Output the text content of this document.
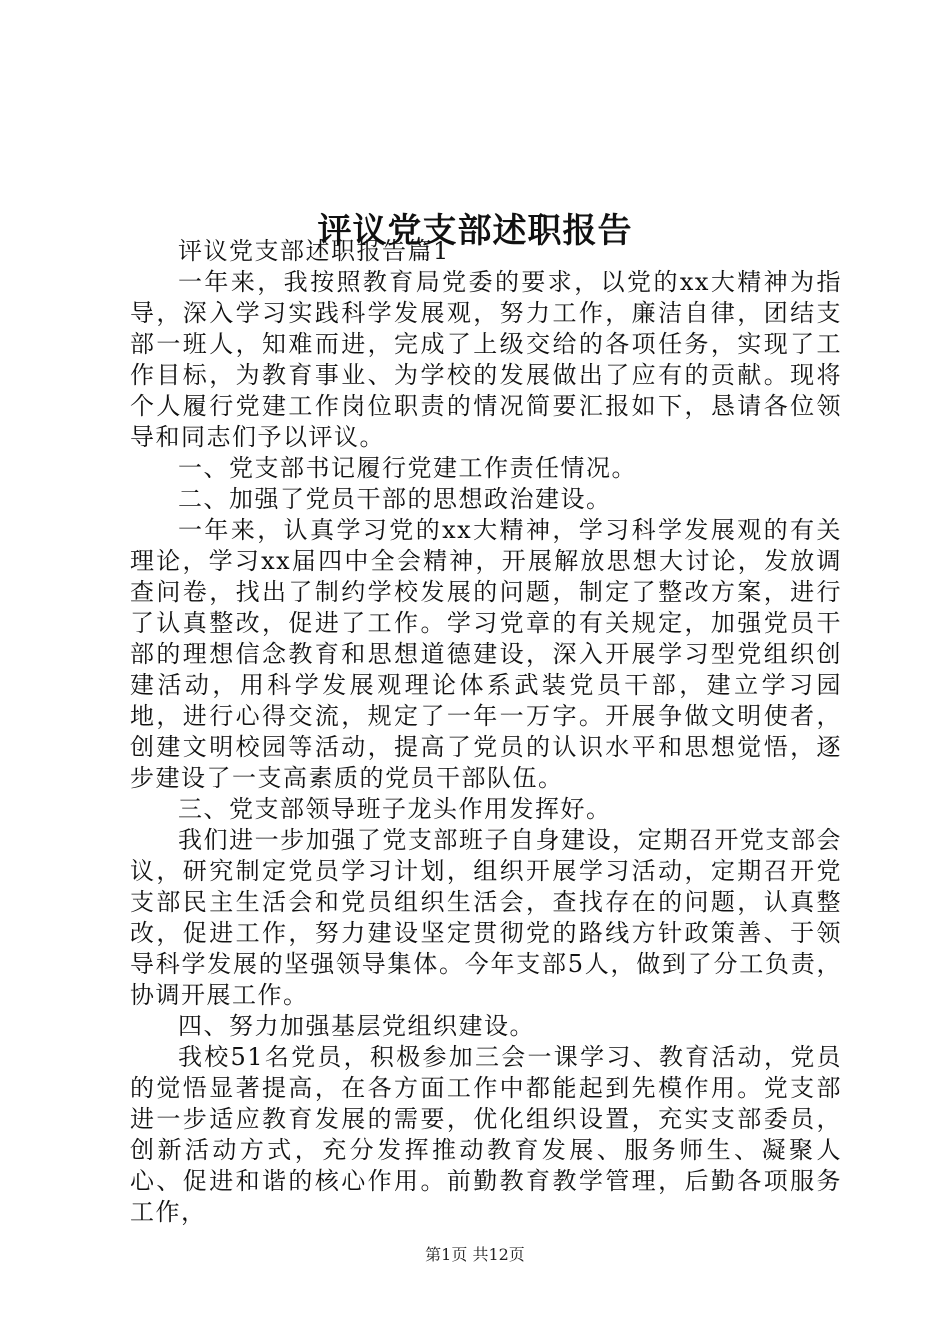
评议党支部述职报告

评议党支部述职报告篇1

一年来，我按照教育局党委的要求，以党的xx大精神为指导，深入学习实践科学发展观，努力工作，廉洁自律，团结支部一班人，知难而进，完成了上级交给的各项任务，实现了工作目标，为教育事业、为学校的发展做出了应有的贡献。现将个人履行党建工作岗位职责的情况简要汇报如下，恳请各位领导和同志们予以评议。

一、党支部书记履行党建工作责任情况。

二、加强了党员干部的思想政治建设。

一年来，认真学习党的xx大精神，学习科学发展观的有关理论，学习xx届四中全会精神，开展解放思想大讨论，发放调查问卷，找出了制约学校发展的问题，制定了整改方案，进行了认真整改，促进了工作。学习党章的有关规定，加强党员干部的理想信念教育和思想道德建设，深入开展学习型党组织创建活动，用科学发展观理论体系武装党员干部，建立学习园地，进行心得交流，规定了一年一万字。开展争做文明使者，创建文明校园等活动，提高了党员的认识水平和思想觉悟，逐步建设了一支高素质的党员干部队伍。

三、党支部领导班子龙头作用发挥好。

我们进一步加强了党支部班子自身建设，定期召开党支部会议，研究制定党员学习计划，组织开展学习活动，定期召开党支部民主生活会和党员组织生活会，查找存在的问题，认真整改，促进工作，努力建设坚定贯彻党的路线方针政策善、于领导科学发展的坚强领导集体。今年支部5人，做到了分工负责，协调开展工作。

四、努力加强基层党组织建设。

我校51名党员，积极参加三会一课学习、教育活动，党员的觉悟显著提高，在各方面工作中都能起到先模作用。党支部进一步适应教育发展的需要，优化组织设置，充实支部委员，创新活动方式，充分发挥推动教育发展、服务师生、凝聚人心、促进和谐的核心作用。前勤教育教学管理，后勤各项服务工作，

第1页 共12页
